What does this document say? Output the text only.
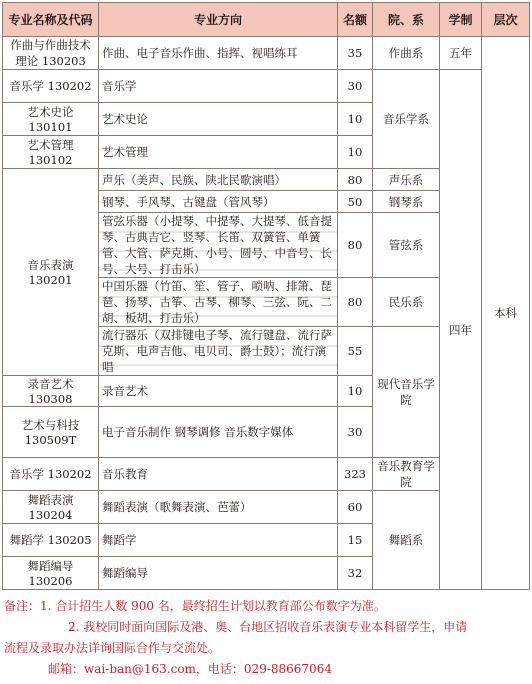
专业名称及代码	专业方向	名额	院、系	学制	层次
作曲与作曲技术理论 130203	作曲、电子音乐作曲、指挥、视唱练耳	35	作曲系	五年	本科
音乐学 130202	音乐学	30	音乐学系	四年	
艺术史论 130101	艺术史论	10			
艺术管理 130102	艺术管理	10			
音乐表演 130201	声乐（美声、民族、陕北民歌演唱）	80	声乐系		
	钢琴、手风琴、古键盘（管风琴）	50	钢琴系		
	管弦乐器（小提琴、中提琴、大提琴、低音提琴、古典吉它、竖琴、长笛、双簧管、单簧管、大管、萨克斯、小号、圆号、中音号、长号、大号、打击乐）	80	管弦系		
	中国乐器（竹笛、笙、管子、唢呐、排箫、琵琶、扬琴、古筝、古琴、柳琴、三弦、阮、二胡、板胡、打击乐）	80	民乐系		
	流行器乐（双排键电子琴、流行键盘、流行萨克斯、电声吉他、电贝司、爵士鼓）；流行演唱	55	现代音乐学院		
录音艺术 130308	录音艺术	10			
艺术与科技 130509T	电子音乐制作 钢琴调修 音乐数字媒体	30			
音乐学 130202	音乐教育	323	音乐教育学院		
舞蹈表演 130204	舞蹈表演（歌舞表演、芭蕾）	60	舞蹈系		
舞蹈学 130205	舞蹈学	15			
舞蹈编导 130206	舞蹈编导	32			
备注：1. 合计招生人数 900 名，最终招生计划以教育部公布数字为准。
2. 我校同时面向国际及港、奥、台地区招收音乐表演专业本科留学生，申请
流程及录取办法详询国际合作与交流处。
邮箱：wai-ban@163.com，电话：029-88667064
